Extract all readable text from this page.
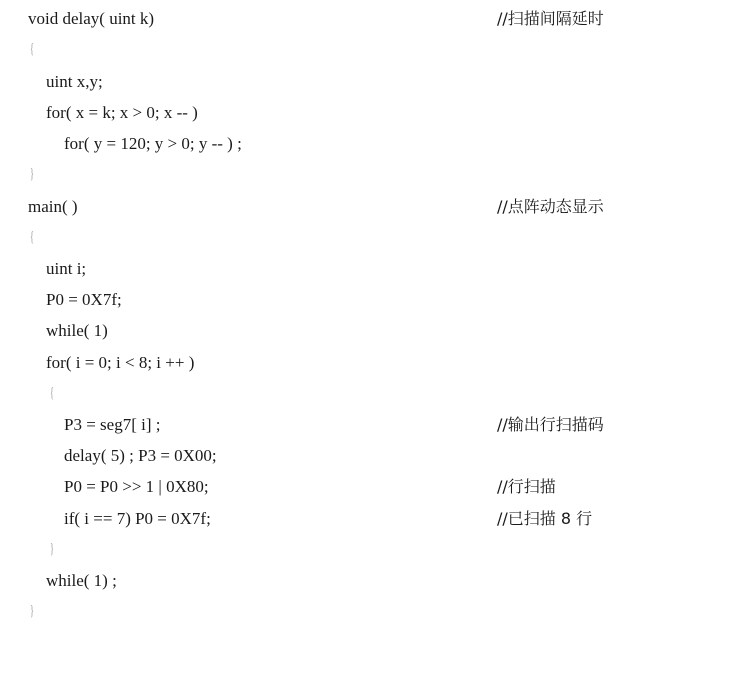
void delay( uint k)

	//扫描间隔延时

{

uint x,y;

for( x = k; x > 0; x -- )

for( y = 120; y > 0; y -- ) ;

}

main( )

	//点阵动态显示

{

uint i;

P0 = 0X7f;

while( 1)

for( i = 0; i < 8; i ++ )

{

P3 = seg7[ i] ;

	//输出行扫描码

delay( 5) ; P3 = 0X00;

P0 = P0 >> 1 | 0X80;

	//行扫描

if( i == 7) P0 = 0X7f;

	//已扫描 8 行

}

while( 1) ;

}
